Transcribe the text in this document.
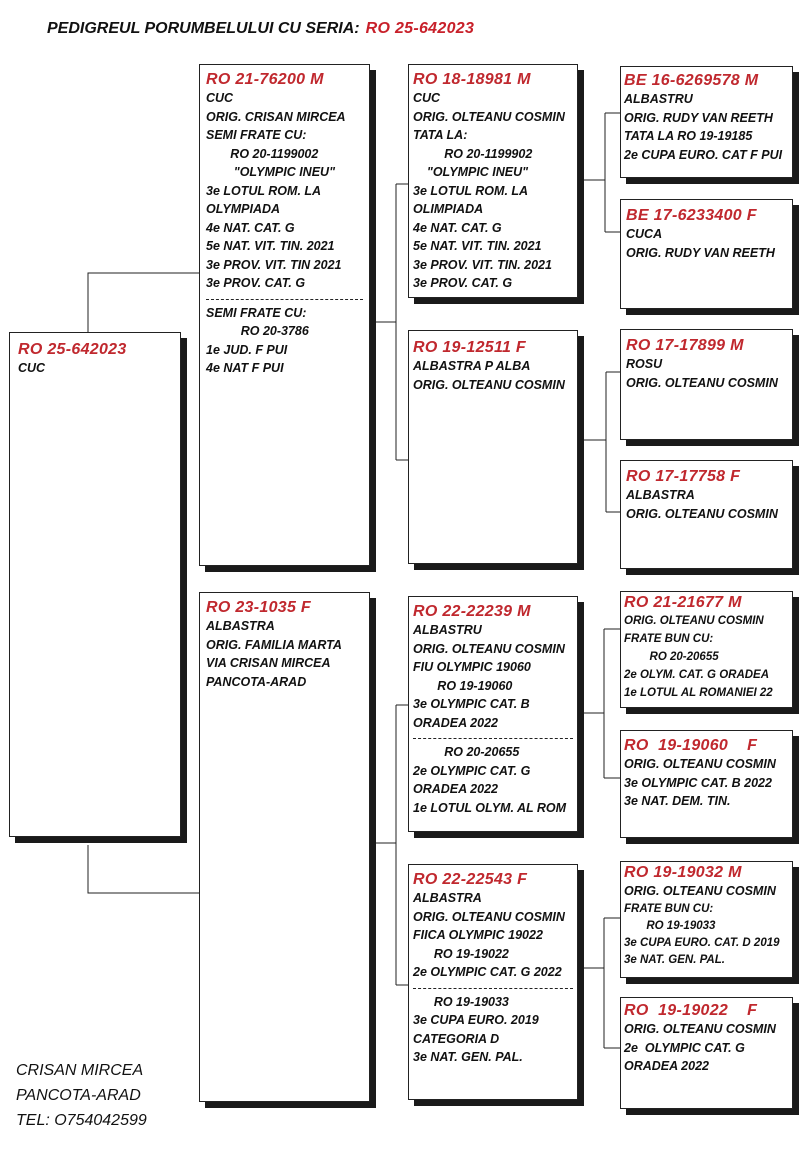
PEDIGREUL PORUMBELULUI CU SERIA: RO 25-642023
RO 25-642023
CUC
RO 21-76200 M
CUC
ORIG. CRISAN MIRCEA
SEMI FRATE CU:
RO 20-1199002
"OLYMPIC INEU"
3e LOTUL ROM. LA
OLYMPIADA
4e NAT. CAT. G
5e NAT. VIT. TIN. 2021
3e PROV. VIT. TIN 2021
3e PROV. CAT. G
SEMI FRATE CU:
RO 20-3786
1e JUD. F PUI
4e NAT F PUI
RO 23-1035 F
ALBASTRA
ORIG. FAMILIA MARTA
VIA CRISAN MIRCEA
PANCOTA-ARAD
RO 18-18981 M
CUC
ORIG. OLTEANU COSMIN
TATA LA:
RO 20-1199902
"OLYMPIC INEU"
3e LOTUL ROM. LA
OLIMPIADA
4e NAT. CAT. G
5e NAT. VIT. TIN. 2021
3e PROV. VIT. TIN. 2021
3e PROV. CAT. G
RO 19-12511 F
ALBASTRA P ALBA
ORIG. OLTEANU COSMIN
RO 22-22239 M
ALBASTRU
ORIG. OLTEANU COSMIN
FIU OLYMPIC 19060
RO 19-19060
3e OLYMPIC CAT. B
ORADEA 2022
RO 20-20655
2e OLYMPIC CAT. G
ORADEA 2022
1e LOTUL OLYM. AL ROM
RO 22-22543 F
ALBASTRA
ORIG. OLTEANU COSMIN
FIICA OLYMPIC 19022
RO 19-19022
2e OLYMPIC CAT. G 2022
RO 19-19033
3e CUPA EURO. 2019
CATEGORIA D
3e NAT. GEN. PAL.
BE 16-6269578 M
ALBASTRU
ORIG. RUDY VAN REETH
TATA LA RO 19-19185
2e CUPA EURO. CAT F PUI
BE 17-6233400 F
CUCA
ORIG. RUDY VAN REETH
RO 17-17899 M
ROSU
ORIG. OLTEANU COSMIN
RO 17-17758 F
ALBASTRA
ORIG. OLTEANU COSMIN
RO 21-21677 M
ORIG. OLTEANU COSMIN
FRATE BUN CU:
RO 20-20655
2e OLYM. CAT. G ORADEA
1e LOTUL AL ROMANIEI 22
RO  19-19060    F
ORIG. OLTEANU COSMIN
3e OLYMPIC CAT. B 2022
3e NAT. DEM. TIN.
RO 19-19032 M
ORIG. OLTEANU COSMIN
FRATE BUN CU:
RO 19-19033
3e CUPA EURO. CAT. D 2019
3e NAT. GEN. PAL.
RO  19-19022    F
ORIG. OLTEANU COSMIN
2e  OLYMPIC CAT. G
ORADEA 2022
CRISAN MIRCEA
PANCOTA-ARAD
TEL: O754042599
